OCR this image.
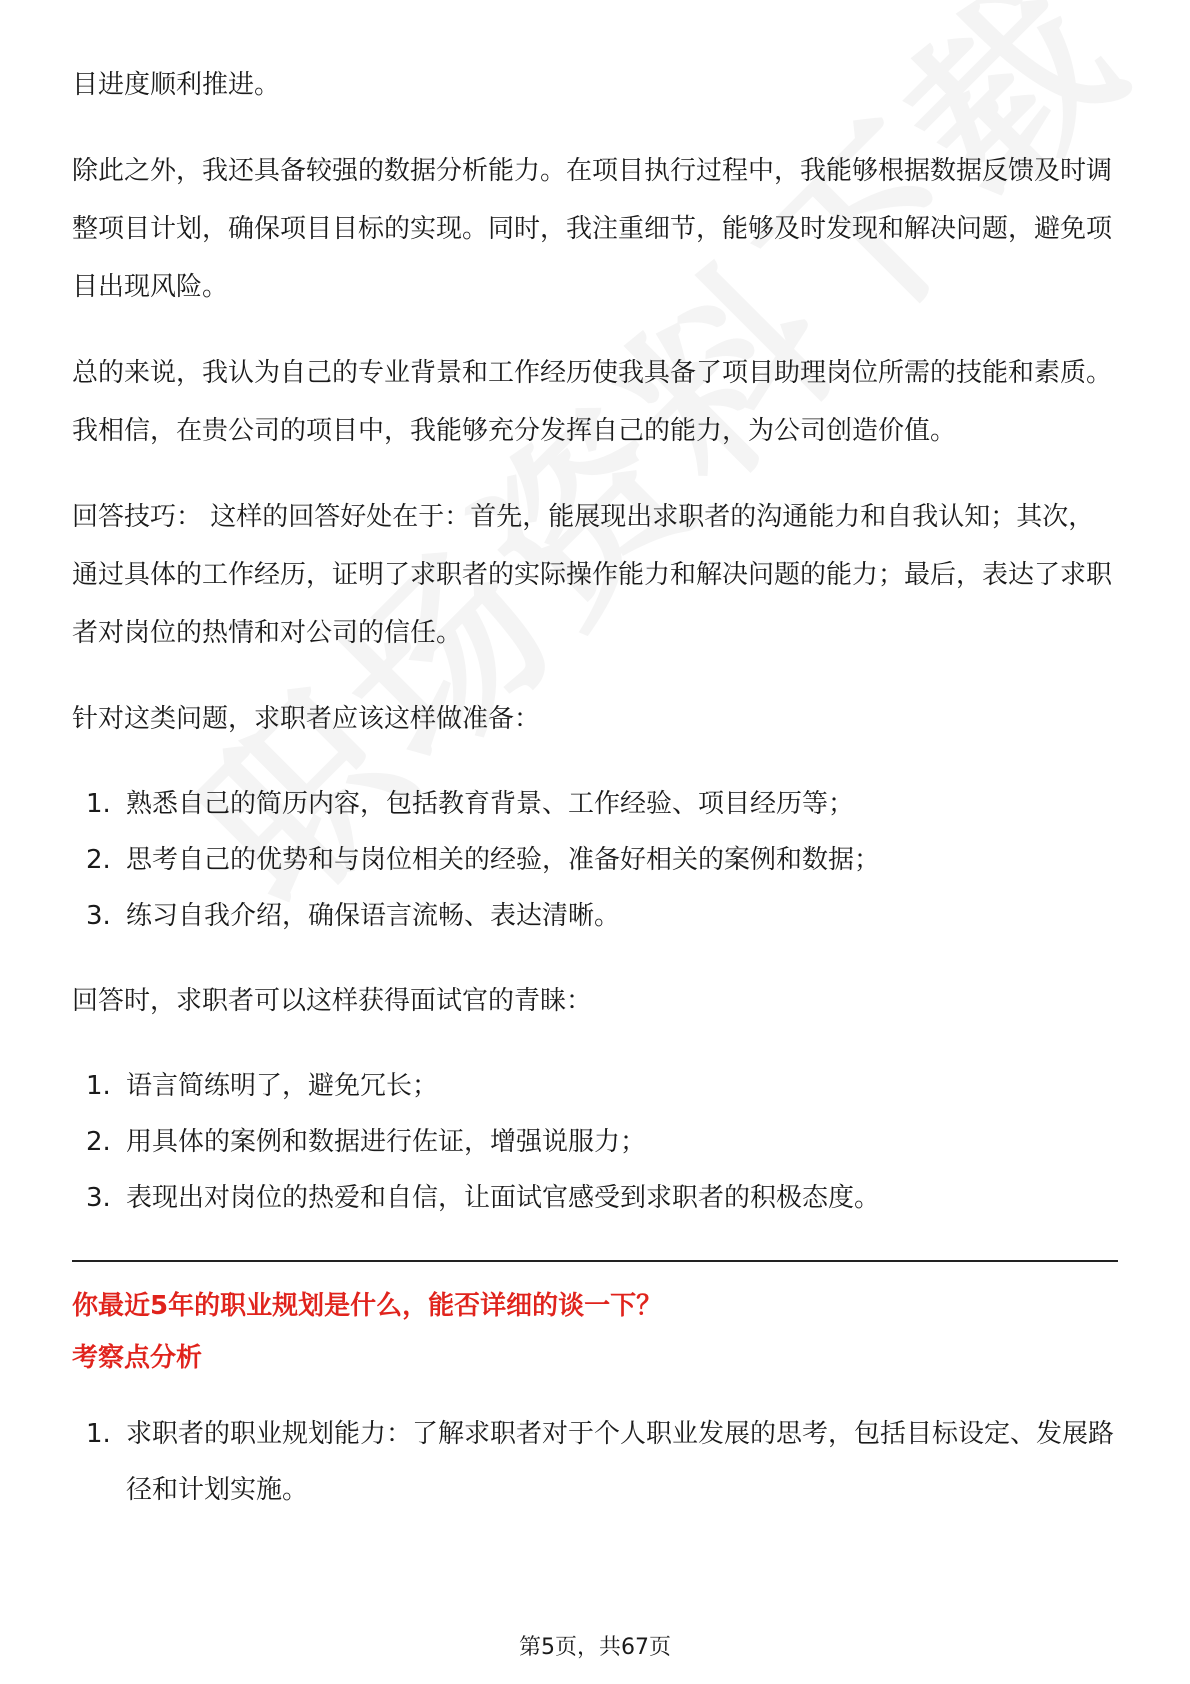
目进度顺利推进。

除此之外，我还具备较强的数据分析能力。在项目执行过程中，我能够根据数据反馈及时调整项目计划，确保项目目标的实现。同时，我注重细节，能够及时发现和解决问题，避免项目出现风险。

总的来说，我认为自己的专业背景和工作经历使我具备了项目助理岗位所需的技能和素质。我相信，在贵公司的项目中，我能够充分发挥自己的能力，为公司创造价值。

回答技巧： 这样的回答好处在于：首先，能展现出求职者的沟通能力和自我认知；其次，通过具体的工作经历，证明了求职者的实际操作能力和解决问题的能力；最后，表达了求职者对岗位的热情和对公司的信任。

针对这类问题，求职者应该这样做准备：

1. 熟悉自己的简历内容，包括教育背景、工作经验、项目经历等；
2. 思考自己的优势和与岗位相关的经验，准备好相关的案例和数据；
3. 练习自我介绍，确保语言流畅、表达清晰。

回答时，求职者可以这样获得面试官的青睐：

1. 语言简练明了，避免冗长；
2. 用具体的案例和数据进行佐证，增强说服力；
3. 表现出对岗位的热爱和自信，让面试官感受到求职者的积极态度。

你最近5年的职业规划是什么，能否详细的谈一下？

考察点分析

1. 求职者的职业规划能力：了解求职者对于个人职业发展的思考，包括目标设定、发展路径和计划实施。
第5页，共67页
